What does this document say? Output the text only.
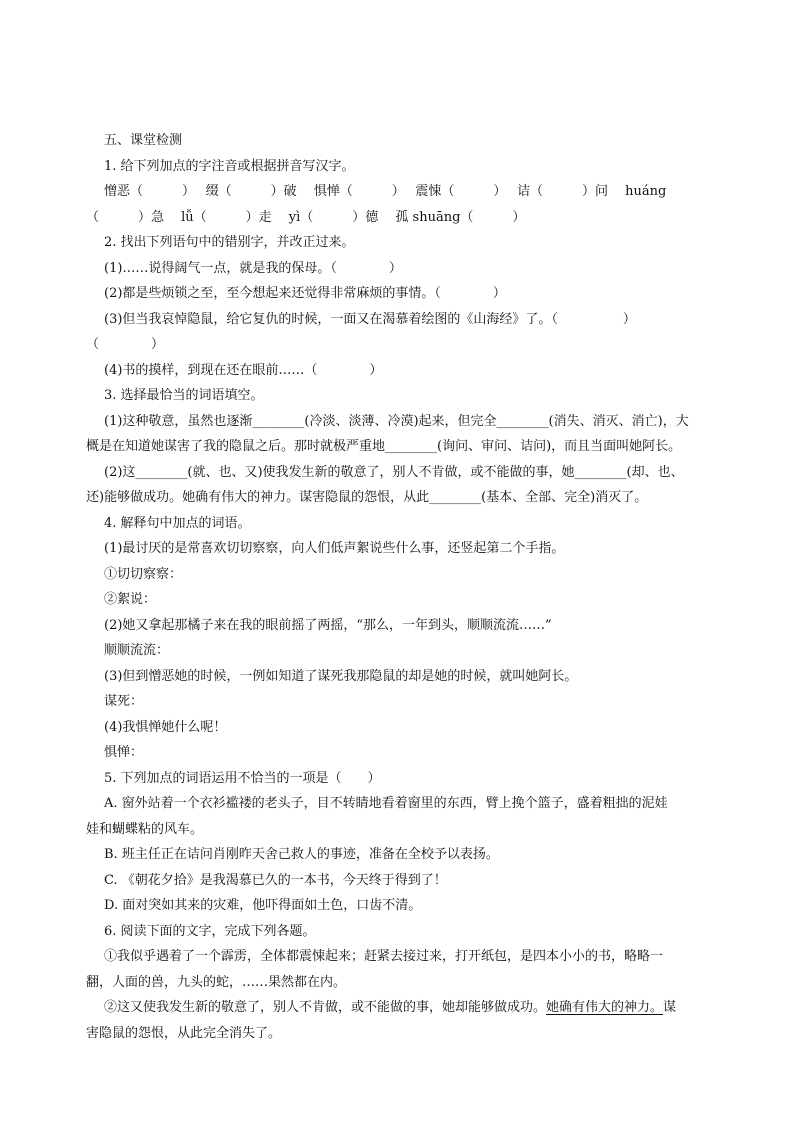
五、课堂检测
1. 给下列加点的字注音或根据拼音写汉字。
憎恶（　　　）　 缀（　　　）破　 惧惮（　　　）　 震悚（　　　）　 诘（　　　）问　 huáng
（　　　）急　 lǚ（　　　）走　 yì（　　　）德　 孤 shuāng（　　　）
2. 找出下列语句中的错别字，并改正过来。
(1)……说得阔气一点，就是我的保母。（　　　　）
(2)都是些烦锁之至，至今想起来还觉得非常麻烦的事情。（　　　　）
(3)但当我哀悼隐鼠，给它复仇的时候，一面又在渴慕着绘图的《山海经》了。（　　　　　）
（　　　　）
(4)书的摸样，到现在还在眼前……（　　　　）
3. 选择最恰当的词语填空。
(1)这种敬意，虽然也逐渐________(冷淡、淡薄、冷漠)起来，但完全________(消失、消灭、消亡)，大
概是在知道她谋害了我的隐鼠之后。那时就极严重地________(询问、审问、诘问)，而且当面叫她阿长。
(2)这________(就、也、又)使我发生新的敬意了，别人不肯做，或不能做的事，她________(却、也、
还)能够做成功。她确有伟大的神力。谋害隐鼠的怨恨，从此________(基本、全部、完全)消灭了。
4. 解释句中加点的词语。
(1)最讨厌的是常喜欢切切察察，向人们低声絮说些什么事，还竖起第二个手指。
①切切察察：
②絮说：
(2)她又拿起那橘子来在我的眼前摇了两摇，“那么，一年到头，顺顺流流……”
顺顺流流：
(3)但到憎恶她的时候，一例如知道了谋死我那隐鼠的却是她的时候，就叫她阿长。
谋死：
(4)我惧惮她什么呢！
惧惮：
5. 下列加点的词语运用不恰当的一项是（　　）
A. 窗外站着一个衣衫褴褛的老头子，目不转睛地看着窗里的东西，臂上挽个篮子，盛着粗拙的泥娃
娃和蝴蝶粘的风车。
B. 班主任正在诘问肖刚昨天舍己救人的事迹，准备在全校予以表扬。
C. 《朝花夕拾》是我渴慕已久的一本书，今天终于得到了！
D. 面对突如其来的灾难，他吓得面如土色，口齿不清。
6. 阅读下面的文字，完成下列各题。
①我似乎遇着了一个霹雳，全体都震悚起来；赶紧去接过来，打开纸包，是四本小小的书，略略一
翻，人面的兽，九头的蛇，……果然都在内。
②这又使我发生新的敬意了，别人不肯做，或不能做的事，她却能够做成功。她确有伟大的神力。谋
害隐鼠的怨恨，从此完全消失了。
